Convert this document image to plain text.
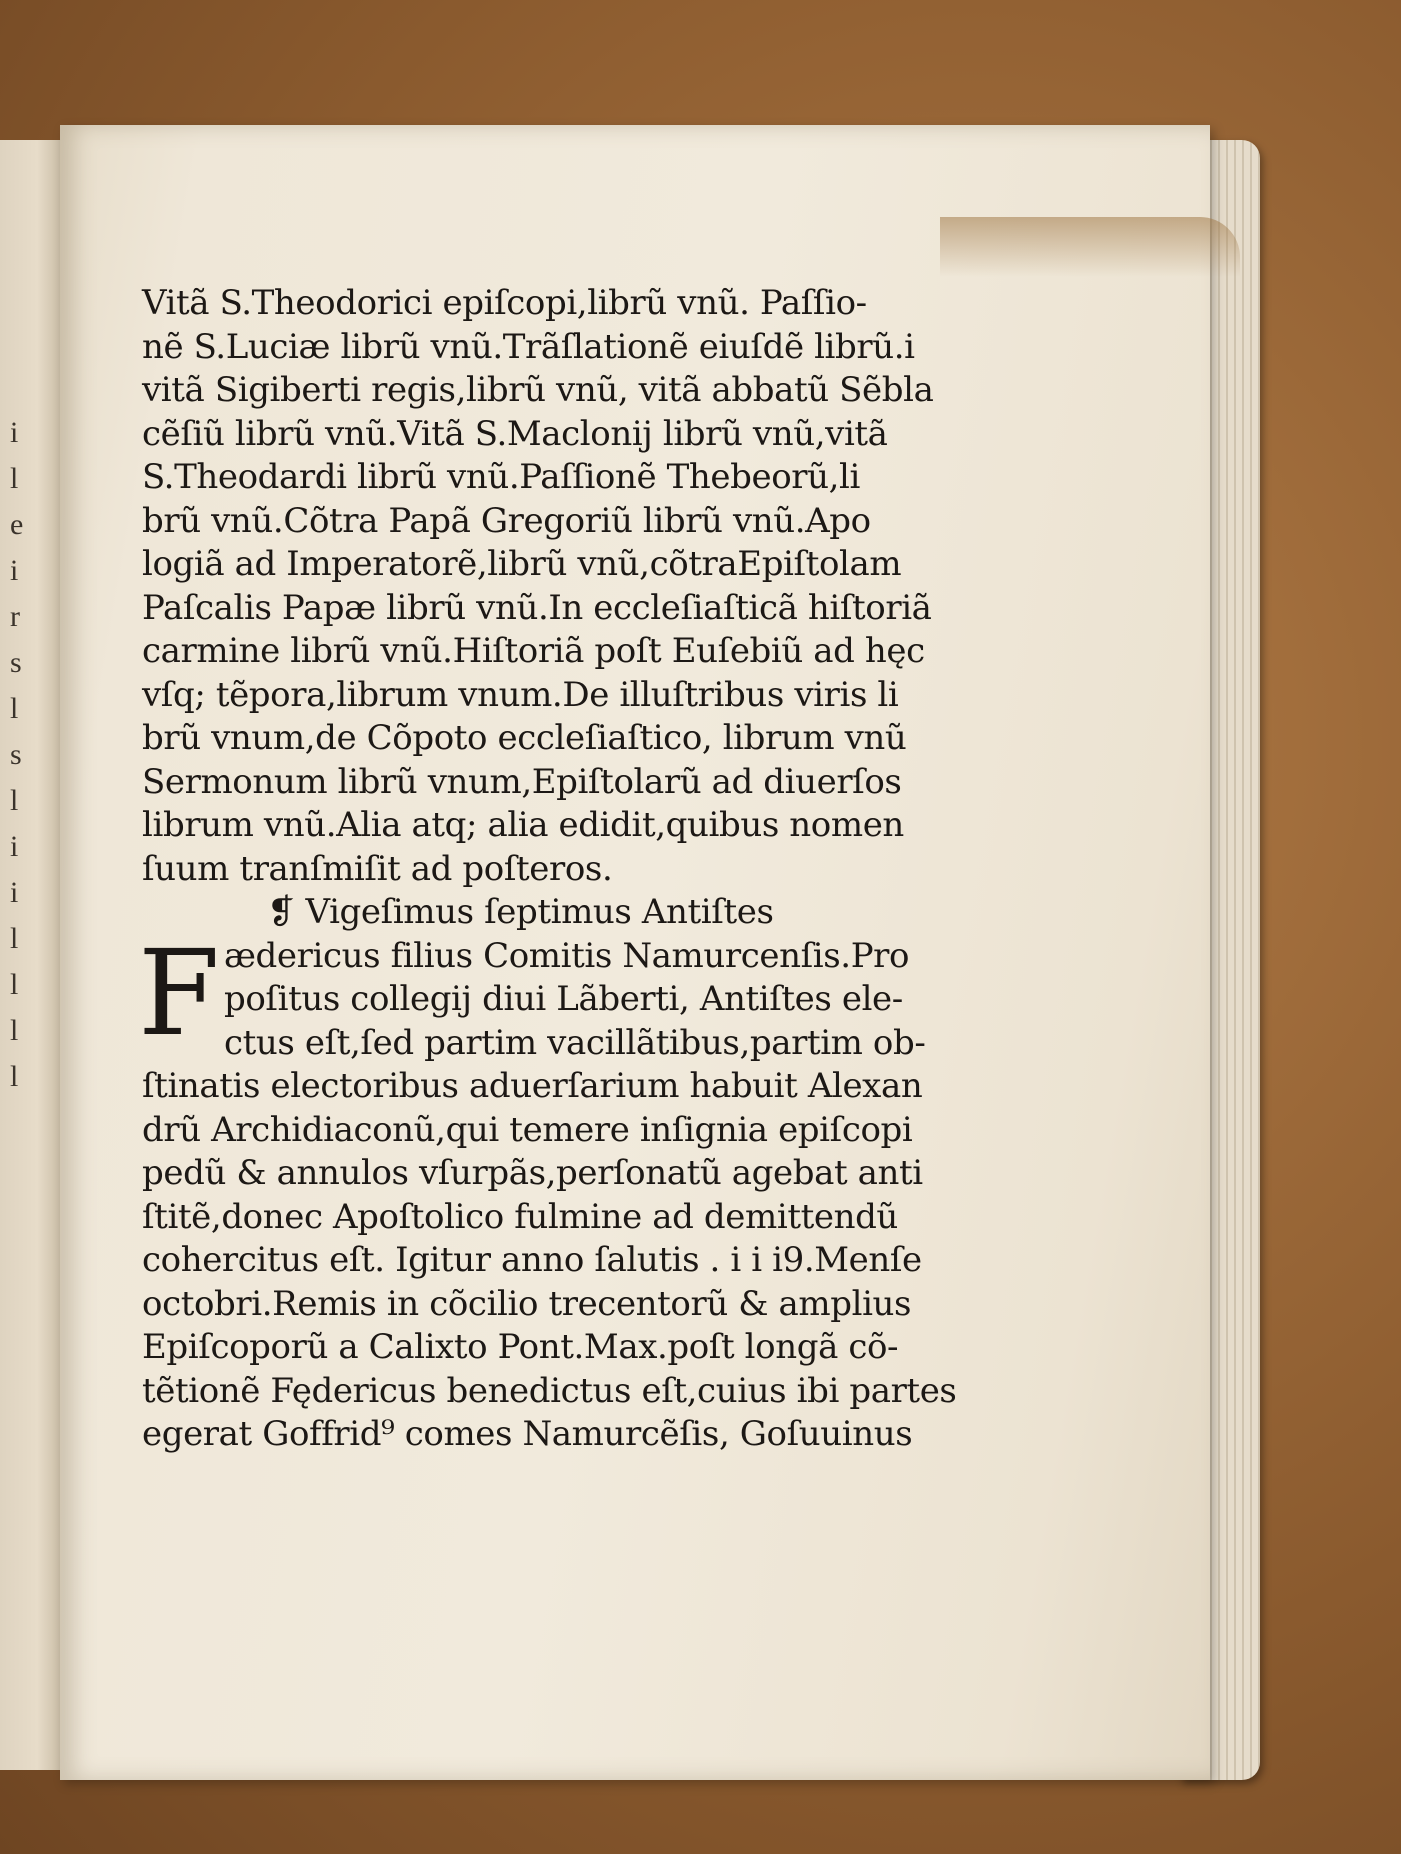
i
l
e
i
r
s
l
s
l
i
i
l
l
l
l
Vitã S.Theodorici epiſcopi,librũ vnũ. Paſſio-
nẽ S.Luciæ librũ vnũ.Trãſlationẽ eiuſdẽ librũ.i
vitã Sigiberti regis,librũ vnũ, vitã abbatũ Sẽbla
cẽſiũ librũ vnũ.Vitã S.Maclonij librũ vnũ,vitã
S.Theodardi librũ vnũ.Paſſionẽ Thebeorũ,li
brũ vnũ.Cõtra Papã Gregoriũ librũ vnũ.Apo
logiã ad Imperatorẽ,librũ vnũ,cõtraEpiſtolam
Paſcalis Papæ librũ vnũ.In eccleſiaſticã hiſtoriã
carmine librũ vnũ.Hiſtoriã poſt Euſebiũ ad hęc
vſq; tẽpora,librum vnum.De illuſtribus viris li
brũ vnum,de Cõpoto eccleſiaſtico, librum vnũ
Sermonum librũ vnum,Epiſtolarũ ad diuerſos
librum vnũ.Alia atq; alia edidit,quibus nomen
ſuum tranſmiſit ad poſteros.
❡ Vigeſimus ſeptimus Antiſtes
F ædericus filius Comitis Namurcenſis.Pro
poſitus collegij diui Lãberti, Antiſtes ele-
ctus eſt,ſed partim vacillãtibus,partim ob-
ſtinatis electoribus aduerſarium habuit Alexan
drũ Archidiaconũ,qui temere inſignia epiſcopi
pedũ & annulos vſurpãs,perſonatũ agebat anti
ſtitẽ,donec Apoſtolico fulmine ad demittendũ
cohercitus eſt. Igitur anno ſalutis . i i i9.Menſe
octobri.Remis in cõcilio trecentorũ & amplius
Epiſcoporũ a Calixto Pont.Max.poſt longã cõ-
tẽtionẽ Fędericus benedictus eſt,cuius ibi partes
egerat Goffrid⁹ comes Namurcẽſis, Goſuuinus
